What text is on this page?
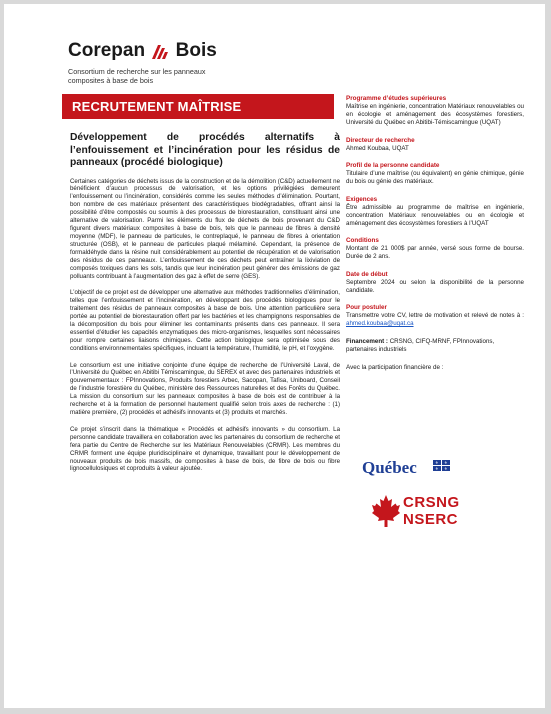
Corepan Bois
Consortium de recherche sur les panneaux composites à base de bois
RECRUTEMENT MAÎTRISE
Développement de procédés alternatifs à l’enfouissement et l’incinération pour les résidus de panneaux (procédé biologique)

Certaines catégories de déchets issus de la construction et de la démolition (C&D) actuellement ne bénéficient d’aucun processus de valorisation, et les options privilégiées demeurent l’enfouissement ou l’incinération, considérés comme les seules méthodes d’élimination. Pourtant, bon nombre de ces matériaux présentent des caractéristiques biodégradables, offrant ainsi la possibilité d’être compostés ou soumis à des processus de biorestauration, constituant ainsi une alternative de valorisation. Parmi les éléments du flux de déchets de bois provenant du C&D figurent divers matériaux composites à base de bois, tels que le panneau de fibres à densité moyenne (MDF), le panneau de particules, le contreplaqué, le panneau de fibres à orientation structurée (OSB), et le panneau de particules plaqué mélaminé. Cependant, la présence de formaldéhyde dans la résine nuit considérablement au potentiel de récupération et de valorisation des résidus de ces panneaux. L’enfouissement de ces déchets peut entraîner la lixiviation de composés toxiques dans les sols, tandis que leur incinération peut générer des émissions de gaz polluants contribuant à l’augmentation des gaz à effet de serre (GES).

L’objectif de ce projet est de développer une alternative aux méthodes traditionnelles d’élimination, telles que l’enfouissement et l’incinération, en développant des procédés biologiques pour le traitement des résidus de panneaux composites à base de bois. Une attention particulière sera portée au potentiel de biorestauration offert par les bactéries et les champignons responsables de la décomposition du bois pour éliminer les contaminants présents dans ces panneaux. Il sera essentiel d’étudier les capacités enzymatiques des micro-organismes, lesquelles sont nécessaires pour rompre certaines liaisons chimiques. Cette action biologique sera optimisée sous des conditions environnementales spécifiques, incluant la température, l’humidité, le pH, et l’oxygène.

Le consortium est une initiative conjointe d’une équipe de recherche de l’Université Laval, de l’Université du Québec en Abitibi Témiscamingue, du SEREX et avec des partenaires industriels et gouvernementaux : FPInnovations, Produits forestiers Arbec, Sacopan, Tafisa, Uniboard, Conseil de l’industrie forestière du Québec, ministère des Ressources naturelles et des Forêts du Québec. La mission du consortium sur les panneaux composites à base de bois est de contribuer à la recherche et à la formation de personnel hautement qualifié selon trois axes de recherche : (1) matière première, (2) procédés et adhésifs innovants et (3) produits et marchés.

Ce projet s’inscrit dans la thématique « Procédés et adhésifs innovants » du consortium. La personne candidate travaillera en collaboration avec les partenaires du consortium de recherche et fera partie du Centre de Recherche sur les Matériaux Renouvelables (CRMR). Les membres du CRMR forment une équipe pluridisciplinaire et dynamique, travaillant pour le développement de nouveaux produits de bois massifs, de composites à base de bois, de fibre de bois ou fibre lignocellulosiques et coproduits à valeur ajoutée.

Programme d’études supérieures
Maîtrise en ingénierie, concentration Matériaux renouvelables ou en écologie et aménagement des écosystèmes forestiers, Université du Québec en Abitibi-Témiscamingue (UQAT)
Directeur de recherche
Ahmed Koubaa, UQAT
Profil de la personne candidate
Titulaire d’une maîtrise (ou équivalent) en génie chimique, génie du bois ou génie des matériaux.
Exigences
Être admissible au programme de maîtrise en ingénierie, concentration Matériaux renouvelables ou en écologie et aménagement des écosystèmes forestiers à l’UQAT
Conditions
Montant de 21 000$ par année, versé sous forme de bourse. Durée de 2 ans.
Date de début
Septembre 2024 ou selon la disponibilité de la personne candidate.
Pour postuler
Transmettre votre CV, lettre de motivation et relevé de notes à : ahmed.koubaa@uqat.ca
Financement : CRSNG, CIFQ-MRNF, FPInnovations, partenaires industriels
Avec la participation financière de :
Québec	⚜ ⚜
⚜ ⚜
CRSNG
NSERC
